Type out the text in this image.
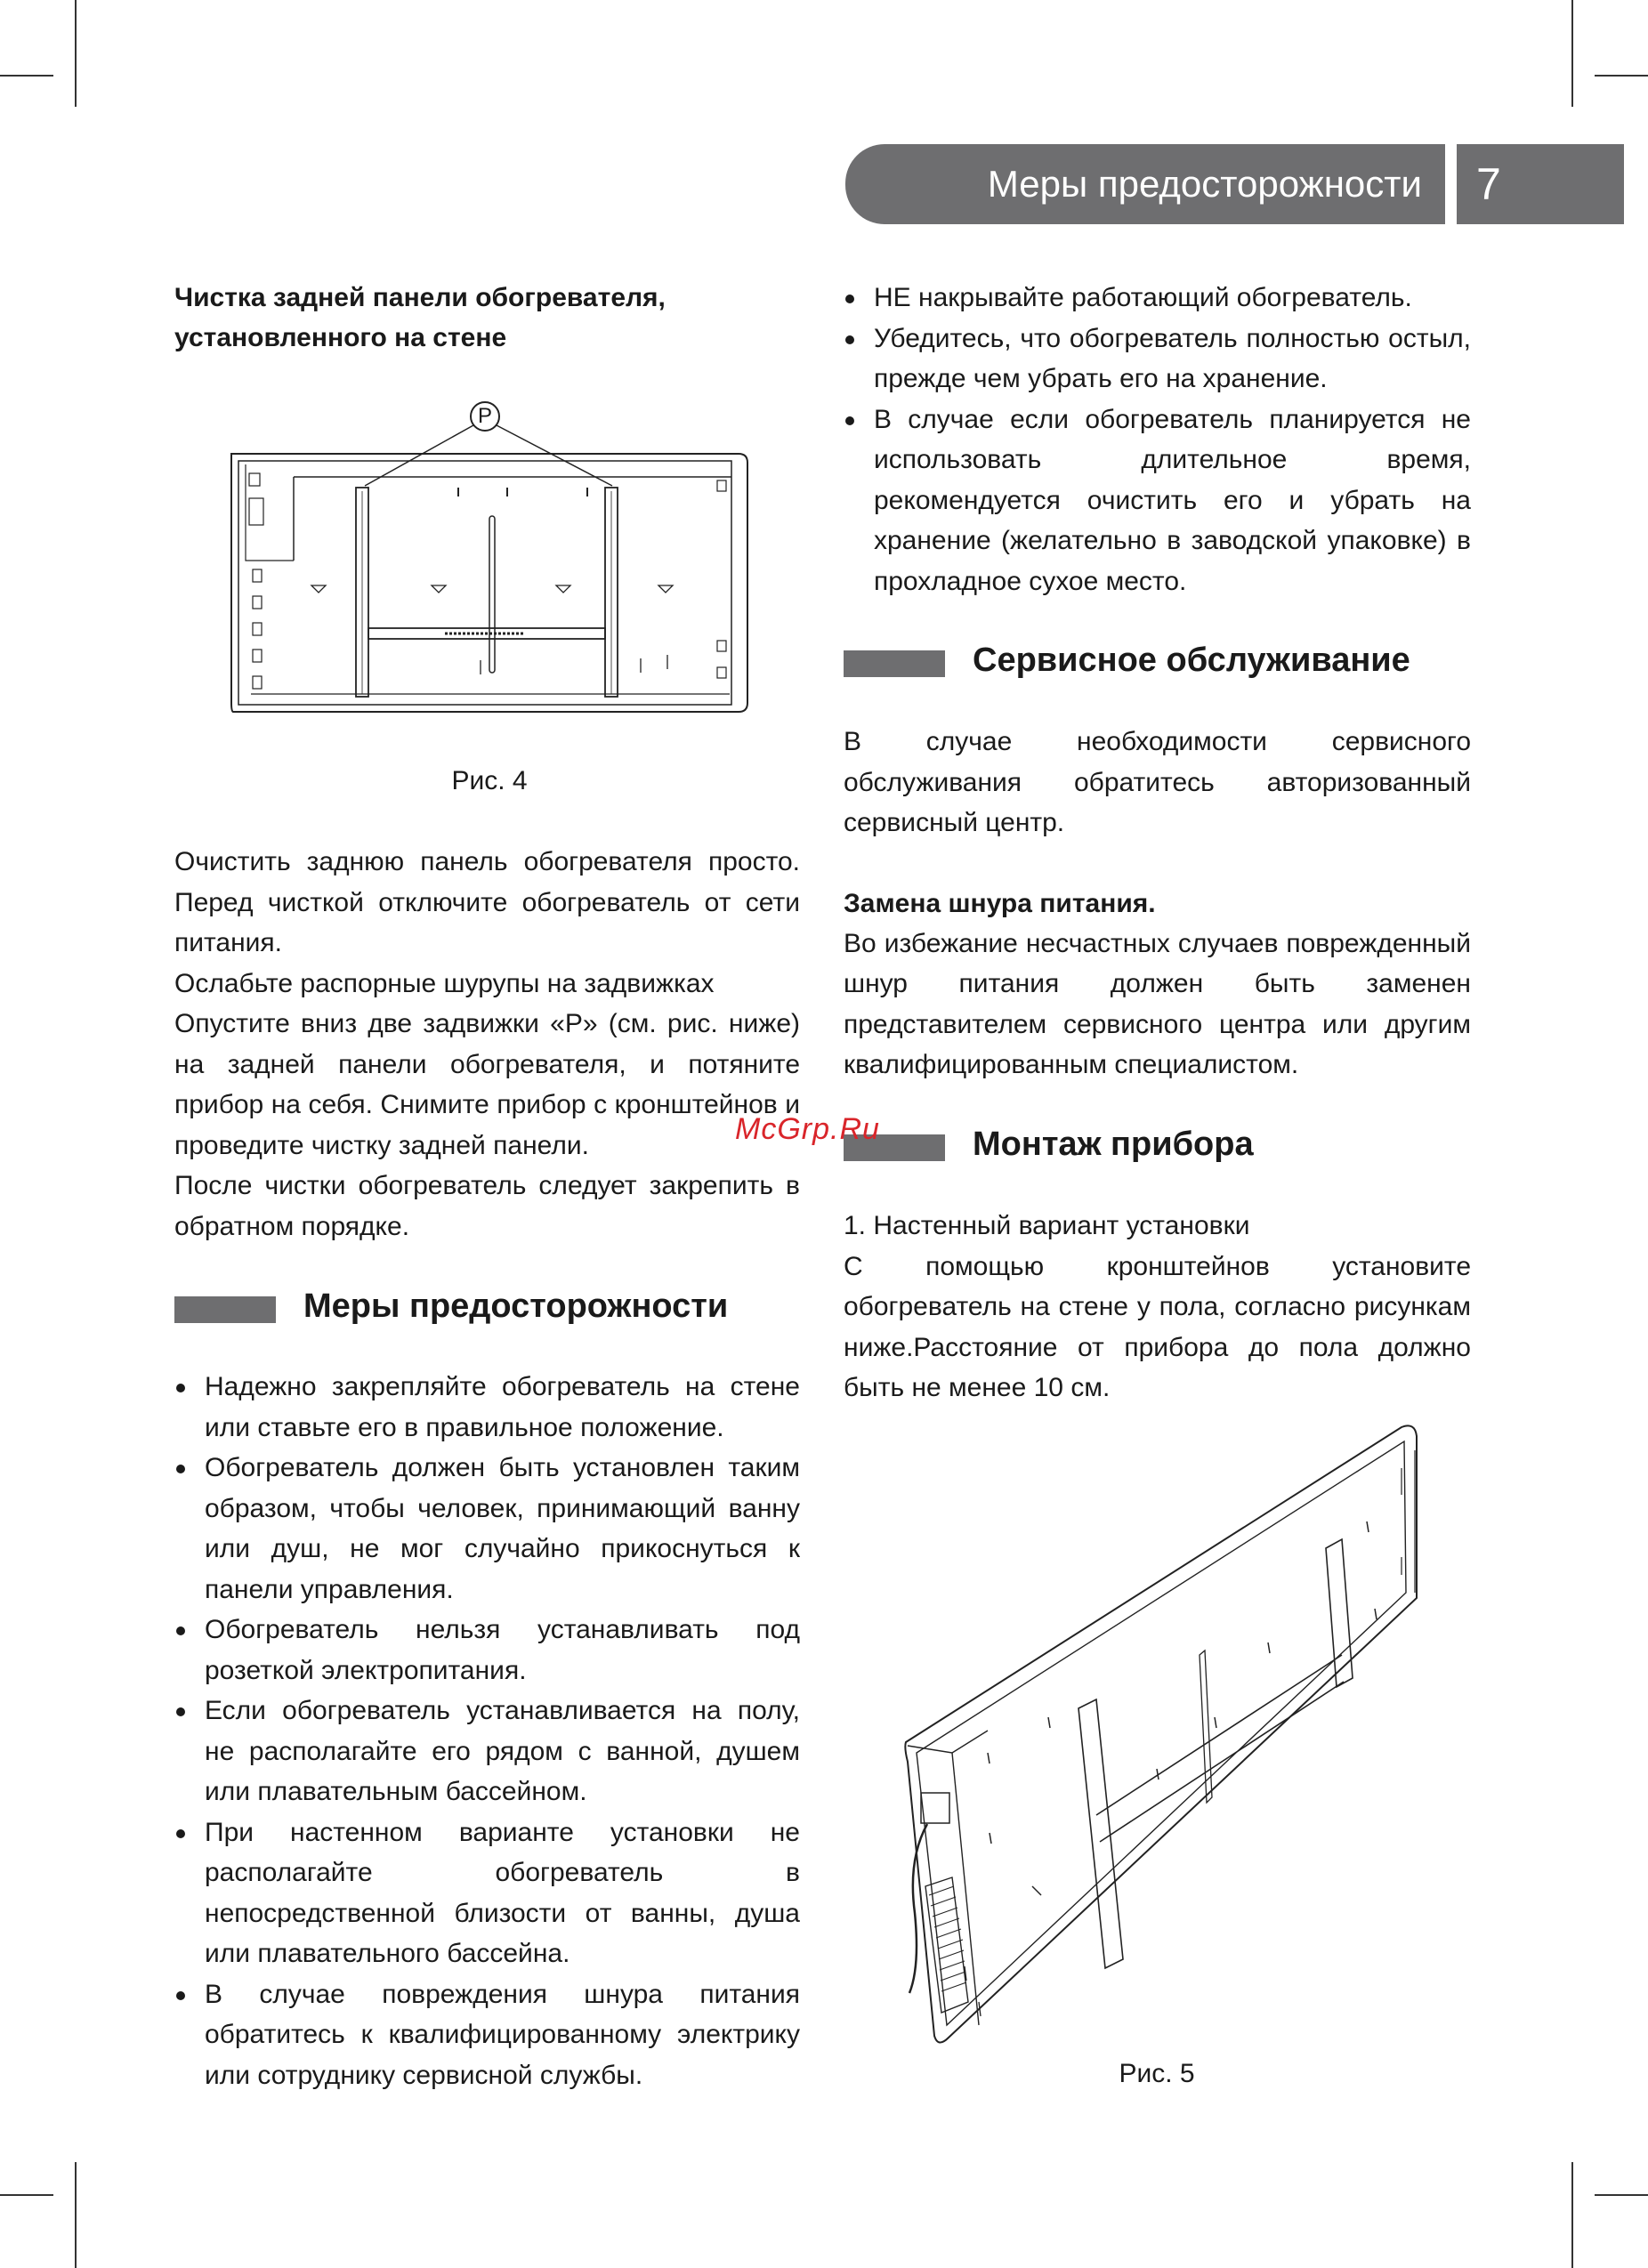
Меры предосторожности	7
Чистка задней панели обогревателя,
установленного на стене
P
Рис. 4

Очистить заднюю панель обогревателя просто. Перед чисткой отключите обогреватель от сети питания.

Ослабьте распорные шурупы на задвижках

Опустите вниз две задвижки «P» (см. рис. ниже) на задней панели обогревателя, и потяните прибор на себя. Снимите прибор с кронштейнов и проведите чистку задней панели.

После чистки обогреватель следует закрепить в обратном порядке.

Меры предосторожности
Надежно закрепляйте обогреватель на стене или ставьте его в правильное положение.
Обогреватель должен быть установлен таким образом, чтобы человек, принимающий ванну или душ, не мог случайно прикоснуться к панели управления.
Обогреватель нельзя устанавливать под розеткой электропитания.
Если обогреватель устанавливается на полу, не располагайте его рядом с ванной, душем или плавательным бассейном.
При настенном варианте установки не располагайте обогреватель в непосредственной близости от ванны, душа или плавательного бассейна.
В случае повреждения шнура питания обратитесь к квалифицированному электрику или сотруднику сервисной службы.
НЕ накрывайте работающий обогреватель.
Убедитесь, что обогреватель полностью остыл, прежде чем убрать его на хранение.
В случае если обогреватель планируется не использовать длительное время, рекомендуется очистить его и убрать на хранение (желательно в заводской упаковке) в прохладное сухое место.
Сервисное обслуживание

В случае необходимости сервисного обслуживания обратитесь авторизованный сервисный центр.

Замена шнура питания.

Во избежание несчастных случаев поврежденный шнур питания должен быть заменен представителем сервисного центра или другим квалифицированным специалистом.

Монтаж прибора

1. Настенный вариант установки

С помощью кронштейнов установите обогреватель на стене у пола, согласно рисункам ниже.Расстояние от прибора до пола должно быть не менее 10 см.

Рис. 5
McGrp.Ru
